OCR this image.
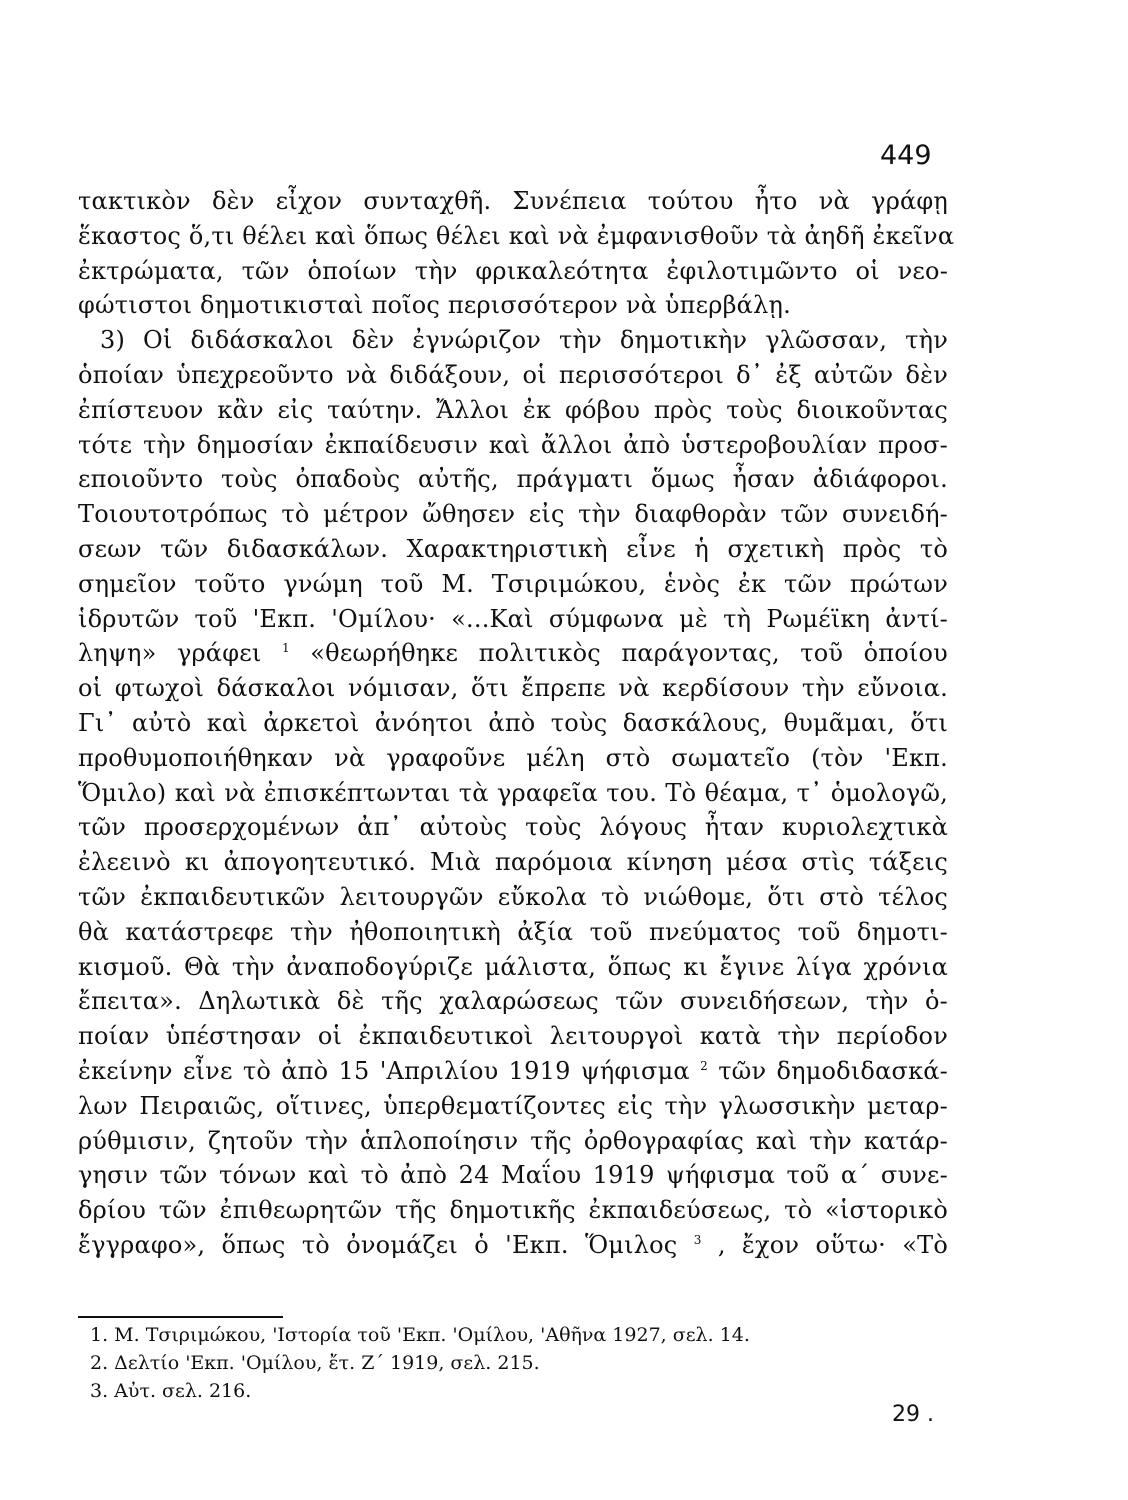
449
τακτικὸν δὲν εἶχον συνταχθῆ. Συνέπεια τούτου ἦτο νὰ γράφῃ
ἕκαστος ὅ,τι θέλει καὶ ὅπως θέλει καὶ νὰ ἐμφανισθοῦν τὰ ἀηδῆ ἐκεῖνα
ἐκτρώματα, τῶν ὁποίων τὴν φρικαλεότητα ἐφιλοτιμῶντο οἱ νεο-
φώτιστοι δημοτικισταὶ ποῖος περισσότερον νὰ ὑπερβάλῃ.
3) Οἱ διδάσκαλοι δὲν ἐγνώριζον τὴν δημοτικὴν γλῶσσαν, τὴν
ὁποίαν ὑπεχρεοῦντο νὰ διδάξουν, οἱ περισσότεροι δ᾽ ἐξ αὐτῶν δὲν
ἐπίστευον κἂν εἰς ταύτην. Ἄλλοι ἐκ φόβου πρὸς τοὺς διοικοῦντας
τότε τὴν δημοσίαν ἐκπαίδευσιν καὶ ἄλλοι ἀπὸ ὑστεροβουλίαν προσ-
εποιοῦντο τοὺς ὀπαδοὺς αὐτῆς, πράγματι ὅμως ἦσαν ἀδιάφοροι.
Τοιουτοτρόπως τὸ μέτρον ὤθησεν εἰς τὴν διαφθορὰν τῶν συνειδή-
σεων τῶν διδασκάλων. Χαρακτηριστικὴ εἶνε ἡ σχετικὴ πρὸς τὸ
σημεῖον τοῦτο γνώμη τοῦ Μ. Τσιριμώκου, ἑνὸς ἐκ τῶν πρώτων
ἱδρυτῶν τοῦ 'Εκπ. 'Ομίλου· «...Καὶ σύμφωνα μὲ τὴ Ρωμέϊκη ἀντί-
ληψη» γράφει $^1$ «θεωρήθηκε πολιτικὸς παράγοντας, τοῦ ὁποίου
οἱ φτωχοὶ δάσκαλοι νόμισαν, ὅτι ἔπρεπε νὰ κερδίσουν τὴν εὔνοια.
Γι᾽ αὐτὸ καὶ ἀρκετοὶ ἀνόητοι ἀπὸ τοὺς δασκάλους, θυμᾶμαι, ὅτι
προθυμοποιήθηκαν νὰ γραφοῦνε μέλη στὸ σωματεῖο (τὸν 'Εκπ.
Ὅμιλο) καὶ νὰ ἐπισκέπτωνται τὰ γραφεῖα του. Τὸ θέαμα, τ᾽ ὁμολογῶ,
τῶν προσερχομένων ἀπ᾽ αὐτοὺς τοὺς λόγους ἦταν κυριολεχτικὰ
ἐλεεινὸ κι ἀπογοητευτικό. Μιὰ παρόμοια κίνηση μέσα στὶς τάξεις
τῶν ἐκπαιδευτικῶν λειτουργῶν εὔκολα τὸ νιώθομε, ὅτι στὸ τέλος
θὰ κατάστρεφε τὴν ἠθοποιητικὴ ἀξία τοῦ πνεύματος τοῦ δημοτι-
κισμοῦ. Θὰ τὴν ἀναποδογύριζε μάλιστα, ὅπως κι ἔγινε λίγα χρόνια
ἔπειτα». Δηλωτικὰ δὲ τῆς χαλαρώσεως τῶν συνειδήσεων, τὴν ὁ-
ποίαν ὑπέστησαν οἱ ἐκπαιδευτικοὶ λειτουργοὶ κατὰ τὴν περίοδον
ἐκείνην εἶνε τὸ ἀπὸ 15 'Απριλίου 1919 ψήφισμα $^2$ τῶν δημοδιδασκά-
λων Πειραιῶς, οἵτινες, ὑπερθεματίζοντες εἰς τὴν γλωσσικὴν μεταρ-
ρύθμισιν, ζητοῦν τὴν ἁπλοποίησιν τῆς ὀρθογραφίας καὶ τὴν κατάρ-
γησιν τῶν τόνων καὶ τὸ ἀπὸ 24 Μαΐου 1919 ψήφισμα τοῦ α´ συνε-
δρίου τῶν ἐπιθεωρητῶν τῆς δημοτικῆς ἐκπαιδεύσεως, τὸ «ἱστορικὸ
ἔγγραφο», ὅπως τὸ ὀνομάζει ὁ 'Εκπ. Ὅμιλος $^3$ , ἔχον οὕτω· «Τὸ
1. Μ. Τσιριμώκου, 'Ιστορία τοῦ 'Εκπ. 'Ομίλου, 'Αθῆνα 1927, σελ. 14.
2. Δελτίο 'Εκπ. 'Ομίλου, ἔτ. Ζ´ 1919, σελ. 215.
3. Αὐτ. σελ. 216.
29 .
